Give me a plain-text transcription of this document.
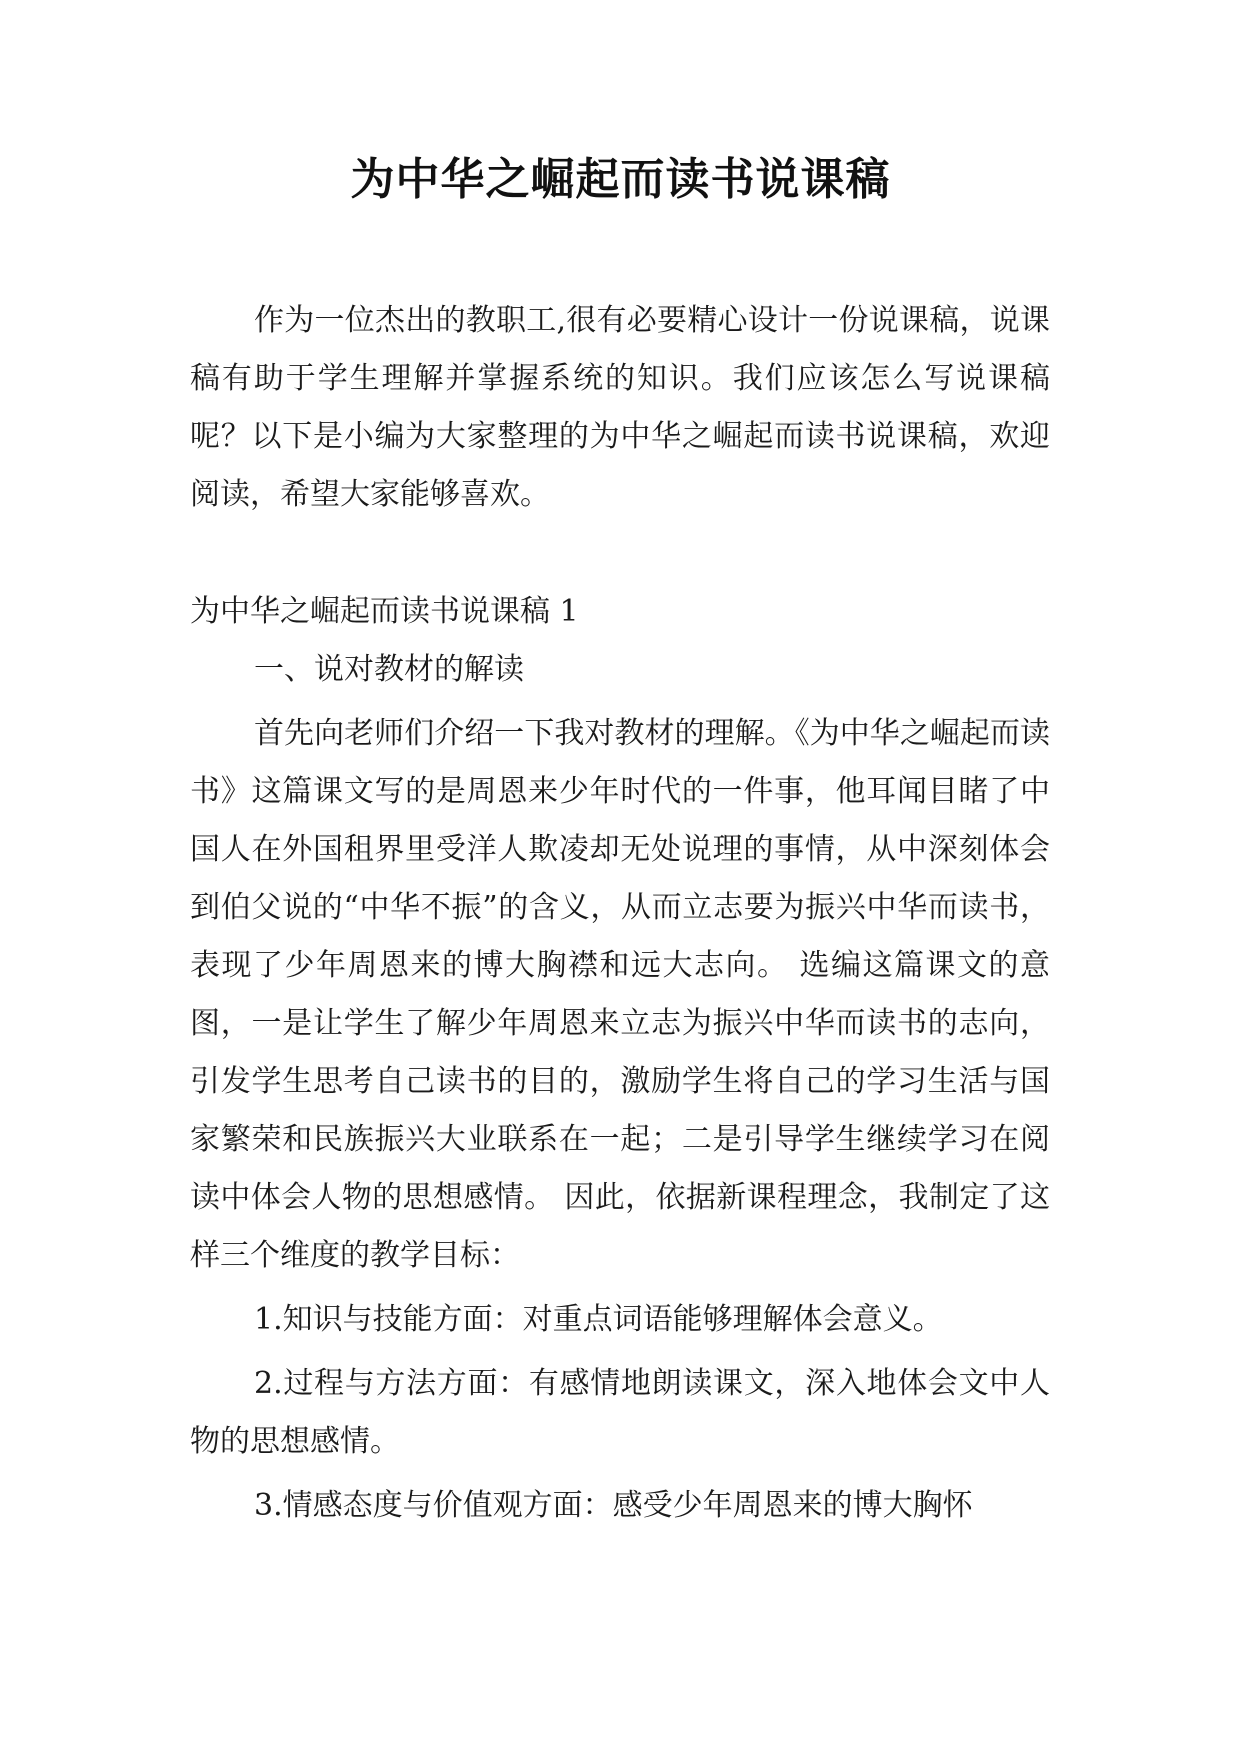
为中华之崛起而读书说课稿

作为一位杰出的教职工,很有必要精心设计一份说课稿，说课稿有助于学生理解并掌握系统的知识。我们应该怎么写说课稿呢？以下是小编为大家整理的为中华之崛起而读书说课稿，欢迎阅读，希望大家能够喜欢。

为中华之崛起而读书说课稿 1

一、说对教材的解读

首先向老师们介绍一下我对教材的理解。《为中华之崛起而读书》这篇课文写的是周恩来少年时代的一件事，他耳闻目睹了中国人在外国租界里受洋人欺凌却无处说理的事情，从中深刻体会到伯父说的“中华不振”的含义，从而立志要为振兴中华而读书，表现了少年周恩来的博大胸襟和远大志向。 选编这篇课文的意图，一是让学生了解少年周恩来立志为振兴中华而读书的志向，引发学生思考自己读书的目的，激励学生将自己的学习生活与国家繁荣和民族振兴大业联系在一起；二是引导学生继续学习在阅读中体会人物的思想感情。 因此，依据新课程理念，我制定了这样三个维度的教学目标：

1.知识与技能方面：对重点词语能够理解体会意义。

2.过程与方法方面：有感情地朗读课文，深入地体会文中人物的思想感情。

3.情感态度与价值观方面：感受少年周恩来的博大胸怀
